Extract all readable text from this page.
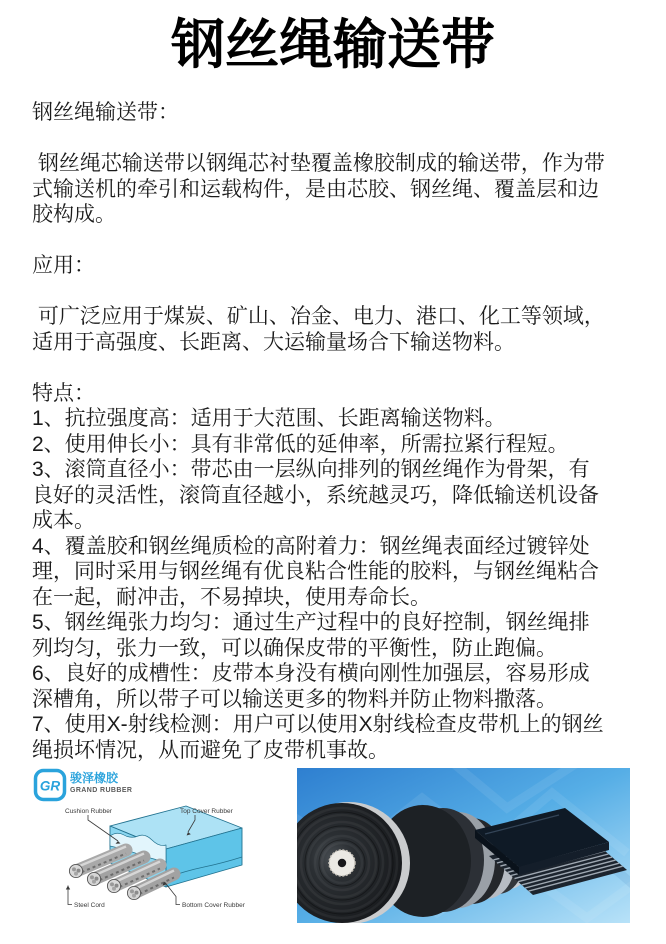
钢丝绳输送带
钢丝绳输送带：
钢丝绳芯输送带以钢绳芯衬垫覆盖橡胶制成的输送带，作为带式输送机的牵引和运载构件，是由芯胶、钢丝绳、覆盖层和边胶构成。
应用：
可广泛应用于煤炭、矿山、冶金、电力、港口、化工等领域，适用于高强度、长距离、大运输量场合下输送物料。
特点：

1、抗拉强度高：适用于大范围、长距离输送物料。

2、使用伸长小：具有非常低的延伸率，所需拉紧行程短。

3、滚筒直径小：带芯由一层纵向排列的钢丝绳作为骨架，有良好的灵活性，滚筒直径越小，系统越灵巧，降低输送机设备成本。

4、覆盖胶和钢丝绳质检的高附着力：钢丝绳表面经过镀锌处理，同时采用与钢丝绳有优良粘合性能的胶料，与钢丝绳粘合在一起，耐冲击，不易掉块，使用寿命长。

5、钢丝绳张力均匀：通过生产过程中的良好控制，钢丝绳排列均匀，张力一致，可以确保皮带的平衡性，防止跑偏。

6、良好的成槽性：皮带本身没有横向刚性加强层，容易形成深槽角，所以带子可以输送更多的物料并防止物料撒落。

7、使用X-射线检测：用户可以使用X射线检查皮带机上的钢丝绳损坏情况，从而避免了皮带机事故。

GR
骏泽橡胶
GRAND RUBBER
Cushion Rubber	Top Cover Rubber
Steel Cord	Bottom Cover Rubber
